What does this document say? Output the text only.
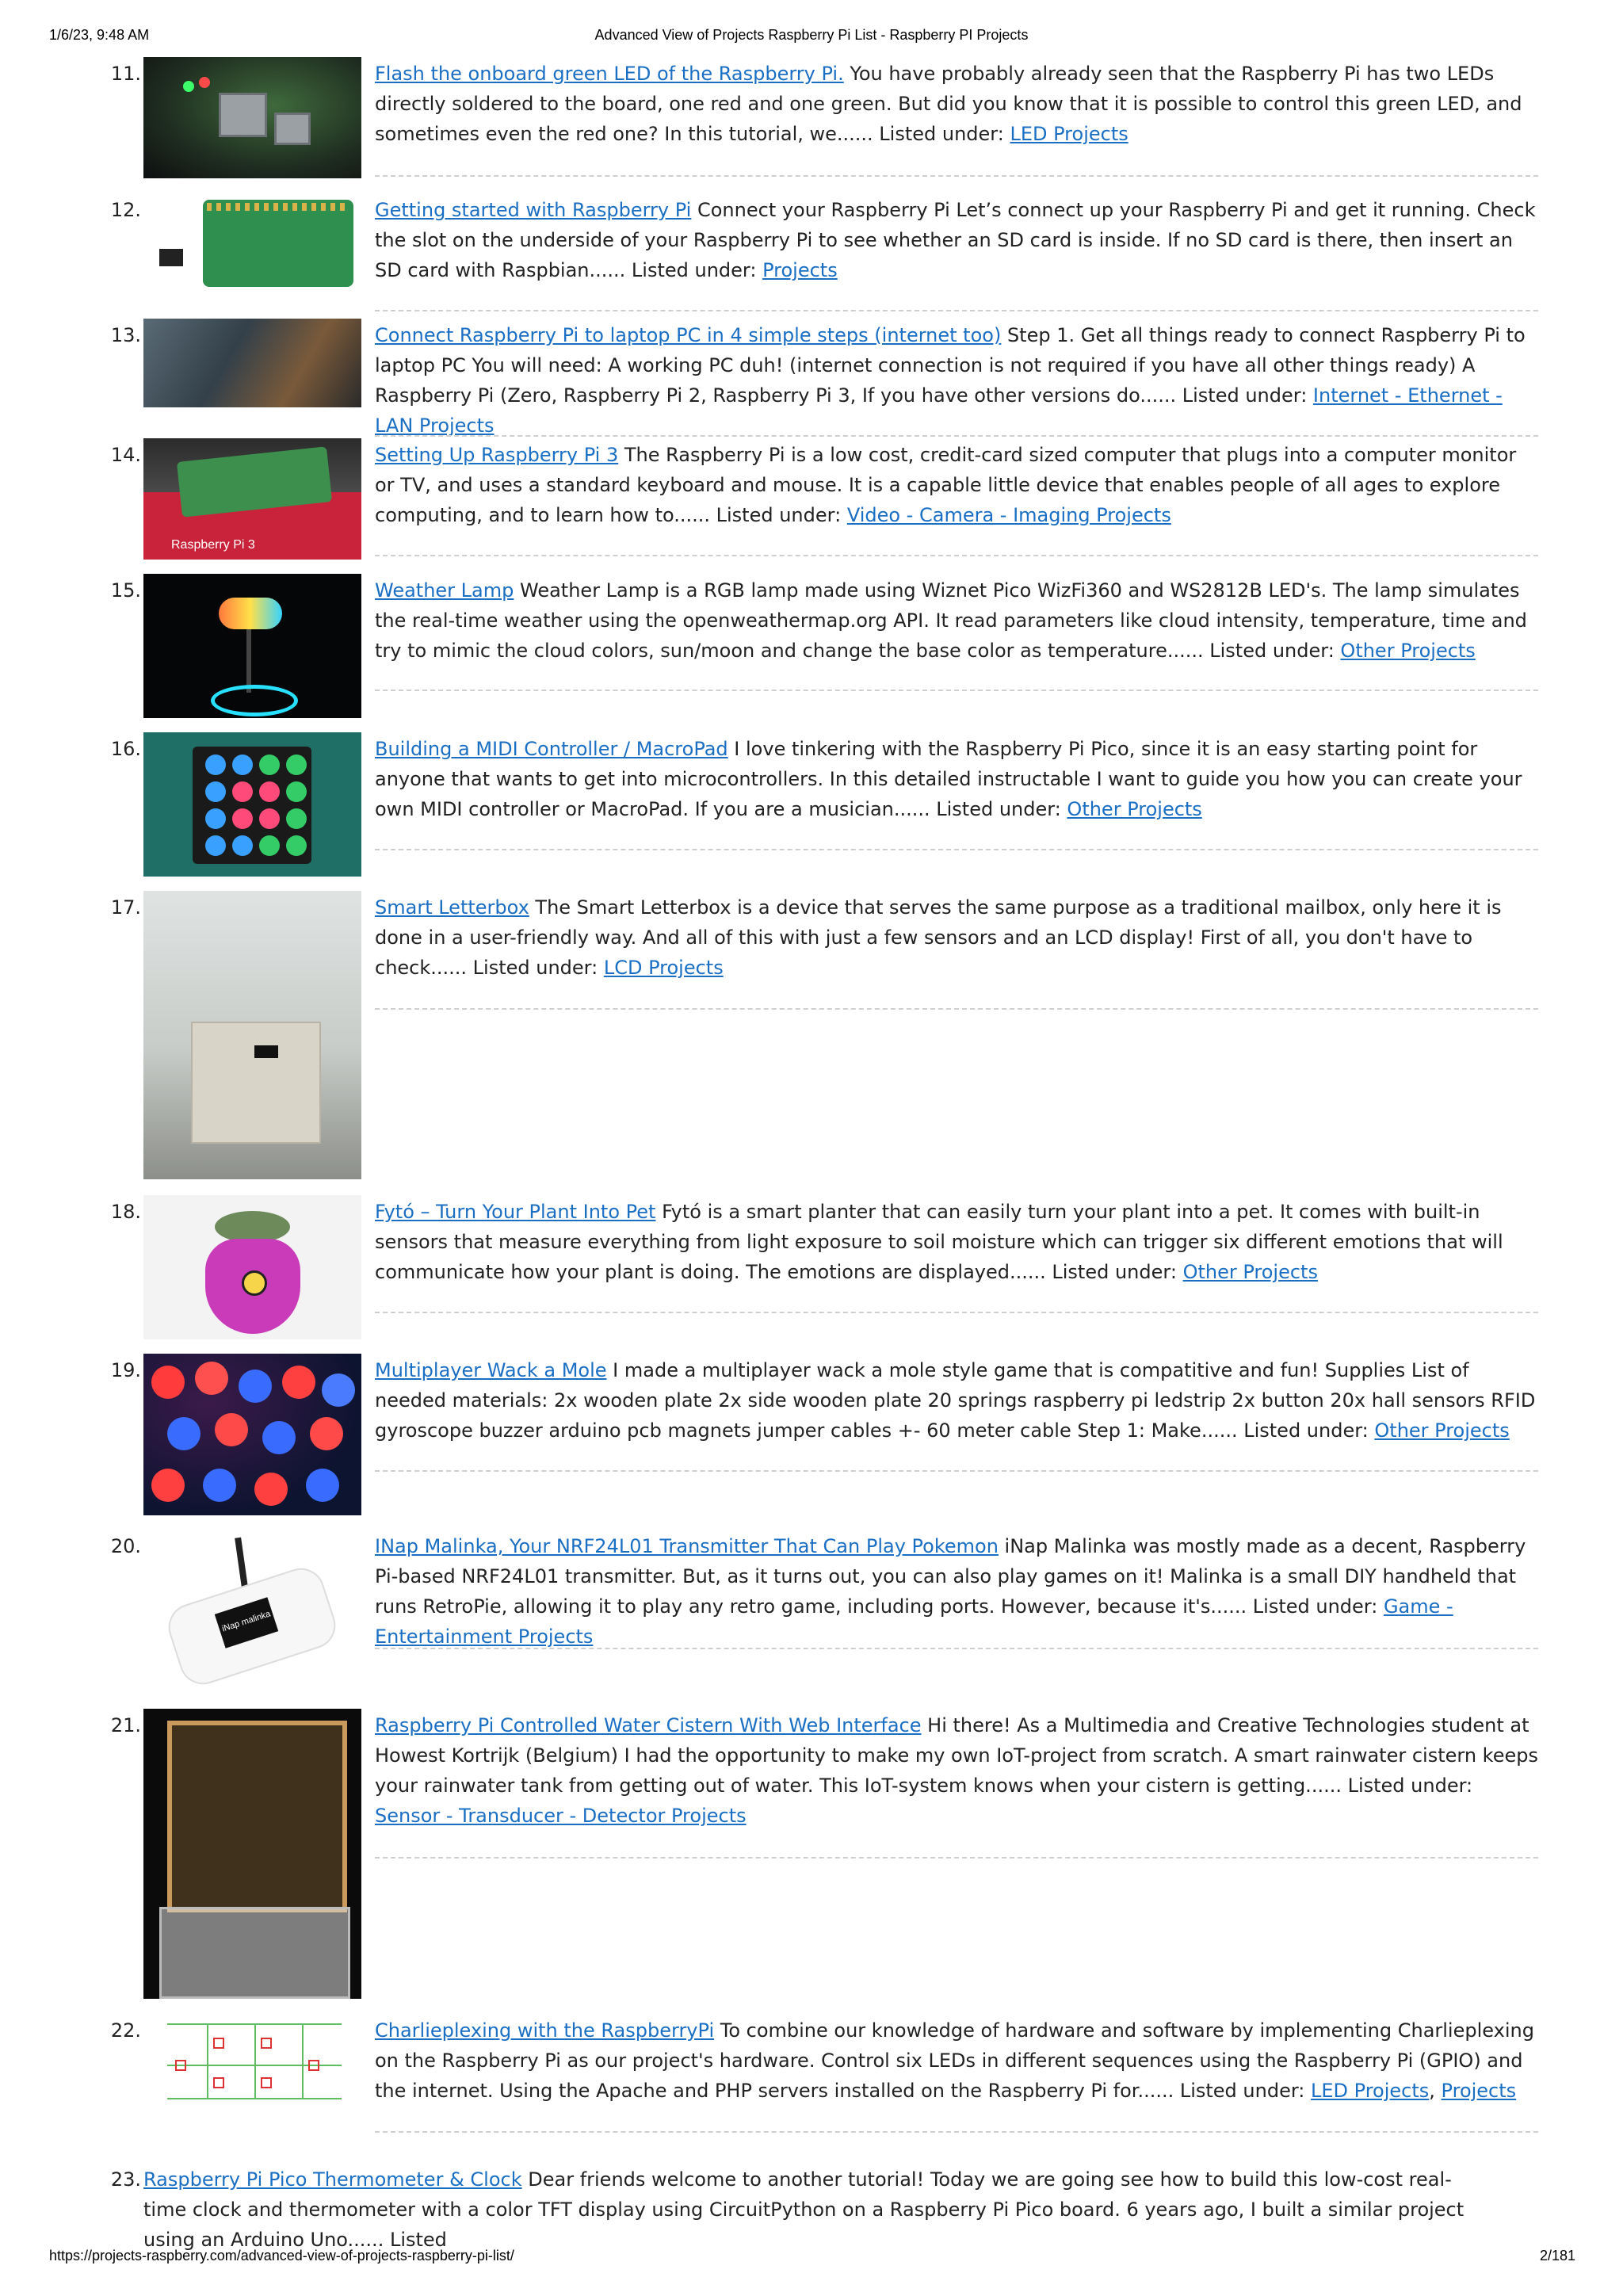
1/6/23, 9:48 AM	Advanced View of Projects Raspberry Pi List - Raspberry PI Projects
11.	Flash the onboard green LED of the Raspberry Pi. You have probably already seen that the Raspberry Pi has two LEDs directly soldered to the board, one red and one green. But did you know that it is possible to control this green LED, and sometimes even the red one? In this tutorial, we...... Listed under: LED Projects
12.	Getting started with Raspberry Pi Connect your Raspberry Pi Let’s connect up your Raspberry Pi and get it running. Check the slot on the underside of your Raspberry Pi to see whether an SD card is inside. If no SD card is there, then insert an SD card with Raspbian...... Listed under: Projects
13.	Connect Raspberry Pi to laptop PC in 4 simple steps (internet too) Step 1. Get all things ready to connect Raspberry Pi to laptop PC You will need: A working PC duh! (internet connection is not required if you have all other things ready) A Raspberry Pi (Zero, Raspberry Pi 2, Raspberry Pi 3, If you have other versions do...... Listed under: Internet - Ethernet - LAN Projects
14.
Raspberry Pi 3
Setting Up Raspberry Pi 3 The Raspberry Pi is a low cost, credit-card sized computer that plugs into a computer monitor or TV, and uses a standard keyboard and mouse. It is a capable little device that enables people of all ages to explore computing, and to learn how to...... Listed under: Video - Camera - Imaging Projects
15.	Weather Lamp Weather Lamp is a RGB lamp made using Wiznet Pico WizFi360 and WS2812B LED's. The lamp simulates the real-time weather using the openweathermap.org API. It read parameters like cloud intensity, temperature, time and try to mimic the cloud colors, sun/moon and change the base color as temperature...... Listed under: Other Projects
16.	Building a MIDI Controller / MacroPad I love tinkering with the Raspberry Pi Pico, since it is an easy starting point for anyone that wants to get into microcontrollers. In this detailed instructable I want to guide you how you can create your own MIDI controller or MacroPad. If you are a musician...... Listed under: Other Projects
17.	Smart Letterbox The Smart Letterbox is a device that serves the same purpose as a traditional mailbox, only here it is done in a user-friendly way. And all of this with just a few sensors and an LCD display! First of all, you don't have to check...... Listed under: LCD Projects
18.	Fytó – Turn Your Plant Into Pet Fytó is a smart planter that can easily turn your plant into a pet. It comes with built-in sensors that measure everything from light exposure to soil moisture which can trigger six different emotions that will communicate how your plant is doing. The emotions are displayed...... Listed under: Other Projects
19.	Multiplayer Wack a Mole I made a multiplayer wack a mole style game that is compatitive and fun! Supplies List of needed materials: 2x wooden plate 2x side wooden plate 20 springs raspberry pi ledstrip 2x button 20x hall sensors RFID gyroscope buzzer arduino pcb magnets jumper cables +- 60 meter cable Step 1: Make...... Listed under: Other Projects
20.
iNap malinka
INap Malinka, Your NRF24L01 Transmitter That Can Play Pokemon iNap Malinka was mostly made as a decent, Raspberry Pi-based NRF24L01 transmitter. But, as it turns out, you can also play games on it! Malinka is a small DIY handheld that runs RetroPie, allowing it to play any retro game, including ports. However, because it's...... Listed under: Game - Entertainment Projects
21.	Raspberry Pi Controlled Water Cistern With Web Interface Hi there! As a Multimedia and Creative Technologies student at Howest Kortrijk (Belgium) I had the opportunity to make my own IoT-project from scratch. A smart rainwater cistern keeps your rainwater tank from getting out of water. This IoT-system knows when your cistern is getting...... Listed under: Sensor - Transducer - Detector Projects
22.	Charlieplexing with the RaspberryPi To combine our knowledge of hardware and software by implementing Charlieplexing on the Raspberry Pi as our project's hardware. Control six LEDs in different sequences using the Raspberry Pi (GPIO) and the internet. Using the Apache and PHP servers installed on the Raspberry Pi for...... Listed under: LED Projects, Projects
23. Raspberry Pi Pico Thermometer & Clock Dear friends welcome to another tutorial! Today we are going see how to build this low-cost real-time clock and thermometer with a color TFT display using CircuitPython on a Raspberry Pi Pico board. 6 years ago, I built a similar project using an Arduino Uno...... Listed
https://projects-raspberry.com/advanced-view-of-projects-raspberry-pi-list/	2/181
